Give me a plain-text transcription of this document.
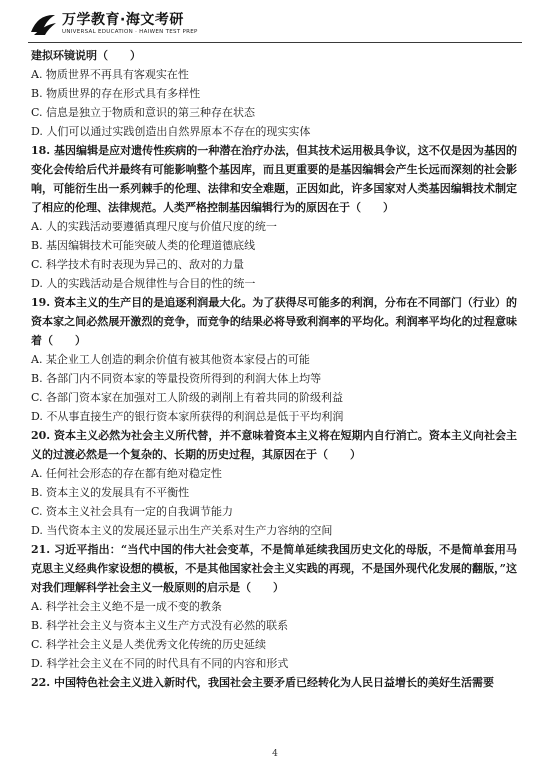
万学教育·海文考研
UNIVERSAL EDUCATION · HAIWEN TEST PREP

建拟环镜说明（　　）

A. 物质世界不再具有客观实在性

B. 物质世界的存在形式具有多样性

C. 信息是独立于物质和意识的第三种存在状态

D. 人们可以通过实践创造出自然界原本不存在的现实实体

18. 基因编辑是应对遗传性疾病的一种潜在治疗办法，但其技术运用极具争议，这不仅是因为基因的变化会传给后代并最终有可能影响整个基因库，而且更重要的是基因编辑会产生长远而深刻的社会影响，可能衍生出一系列棘手的伦理、法律和安全难题，正因如此，许多国家对人类基因编辑技术制定了相应的伦理、法律规范。人类严格控制基因编辑行为的原因在于（　　）

A. 人的实践活动要遵循真理尺度与价值尺度的统一

B. 基因编辑技术可能突破人类的伦理道德底线

C. 科学技术有时表现为异己的、敌对的力量

D. 人的实践活动是合规律性与合目的性的统一

19. 资本主义的生产目的是追逐利润最大化。为了获得尽可能多的利润，分布在不同部门（行业）的资本家之间必然展开激烈的竞争，而竞争的结果必将导致利润率的平均化。利润率平均化的过程意味着（　　）

A. 某企业工人创造的剩余价值有被其他资本家侵占的可能

B. 各部门内不同资本家的等量投资所得到的利润大体上均等

C. 各部门资本家在加强对工人阶级的剥削上有着共同的阶级利益

D. 不从事直接生产的银行资本家所获得的利润总是低于平均利润

20. 资本主义必然为社会主义所代替，并不意味着资本主义将在短期内自行消亡。资本主义向社会主义的过渡必然是一个复杂的、长期的历史过程，其原因在于（　　）

A. 任何社会形态的存在都有绝对稳定性

B. 资本主义的发展具有不平衡性

C. 资本主义社会具有一定的自我调节能力

D. 当代资本主义的发展还显示出生产关系对生产力容纳的空间

21. 习近平指出：“当代中国的伟大社会变革，不是简单延续我国历史文化的母版，不是简单套用马克思主义经典作家设想的模板，不是其他国家社会主义实践的再现，不是国外现代化发展的翻版，”这对我们理解科学社会主义一般原则的启示是（　　）

A. 科学社会主义绝不是一成不变的教条

B. 科学社会主义与资本主义生产方式没有必然的联系

C. 科学社会主义是人类优秀文化传统的历史延续

D. 科学社会主义在不同的时代具有不同的内容和形式

22. 中国特色社会主义进入新时代，我国社会主要矛盾已经转化为人民日益增长的美好生活需要

4
